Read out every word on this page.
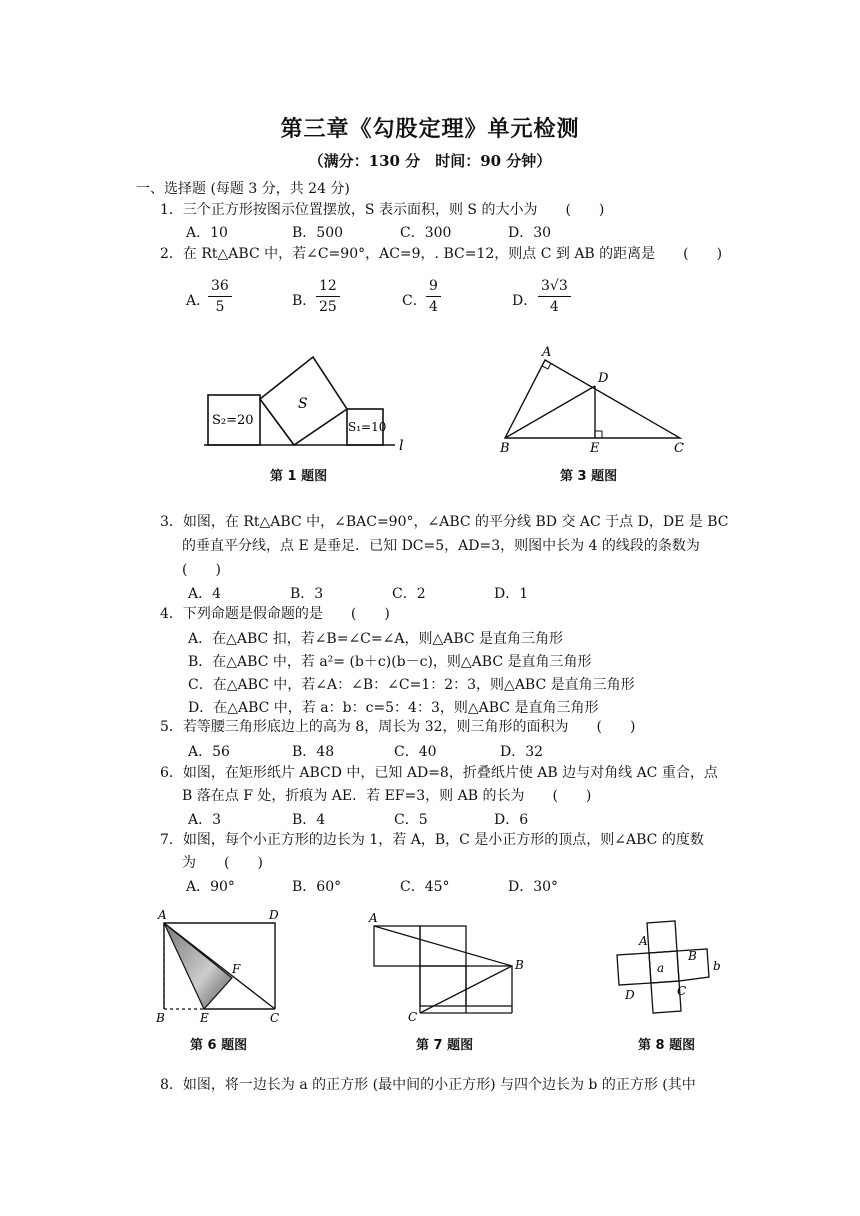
第三章《勾股定理》单元检测
（满分：130 分　时间：90 分钟）
一、选择题 (每题 3 分，共 24 分)
1．三个正方形按图示位置摆放，S 表示面积，则 S 的大小为　　(　　)
A．10	B．500	C．300	D．30
2．在 Rt△ABC 中，若∠C=90°，AC=9，. BC=12，则点 C 到 AB 的距离是　　(　　)
A．
$\frac{36}{5}$	B． $\frac{12}{25}$	C． $\frac{9}{4}$	D． $\frac{3√3}{4}$
S₂=20
S
S₁=10
l
第 1 题图
A
D
B	E	C
第 3 题图
3．如图，在 Rt△ABC 中，∠BAC=90°，∠ABC 的平分线 BD 交 AC 于点 D，DE 是 BC
的垂直平分线，点 E 是垂足．已知 DC=5，AD=3，则图中长为 4 的线段的条数为
(　　)
A．4	B．3	C．2	D．1
4．下列命题是假命题的是　　(　　)
A．在△ABC 扣，若∠B=∠C=∠A，则△ABC 是直角三角形
B．在△ABC 中，若 a²= (b＋c)(b－c)，则△ABC 是直角三角形
C．在△ABC 中，若∠A：∠B：∠C=1：2：3，则△ABC 是直角三角形
D．在△ABC 中，若 a：b：c=5：4：3，则△ABC 是直角三角形
5．若等腰三角形底边上的高为 8，周长为 32，则三角形的面积为　　(　　)
A．56	B．48	C．40	D．32
6．如图，在矩形纸片 ABCD 中，已知 AD=8，折叠纸片使 AB 边与对角线 AC 重合，点
B 落在点 F 处，折痕为 AE．若 EF=3，则 AB 的长为　　(　　)
A．3	B．4	C．5	D．6
7．如图，每个小正方形的边长为 1，若 A，B，C 是小正方形的顶点，则∠ABC 的度数
为　　(　　)
A．90°	B．60°	C．45°	D．30°
A	D
F
B	E	C
第 6 题图
A
B
C
第 7 题图
A
B
C
D
a	b
第 8 题图
8．如图，将一边长为 a 的正方形 (最中间的小正方形) 与四个边长为 b 的正方形 (其中
